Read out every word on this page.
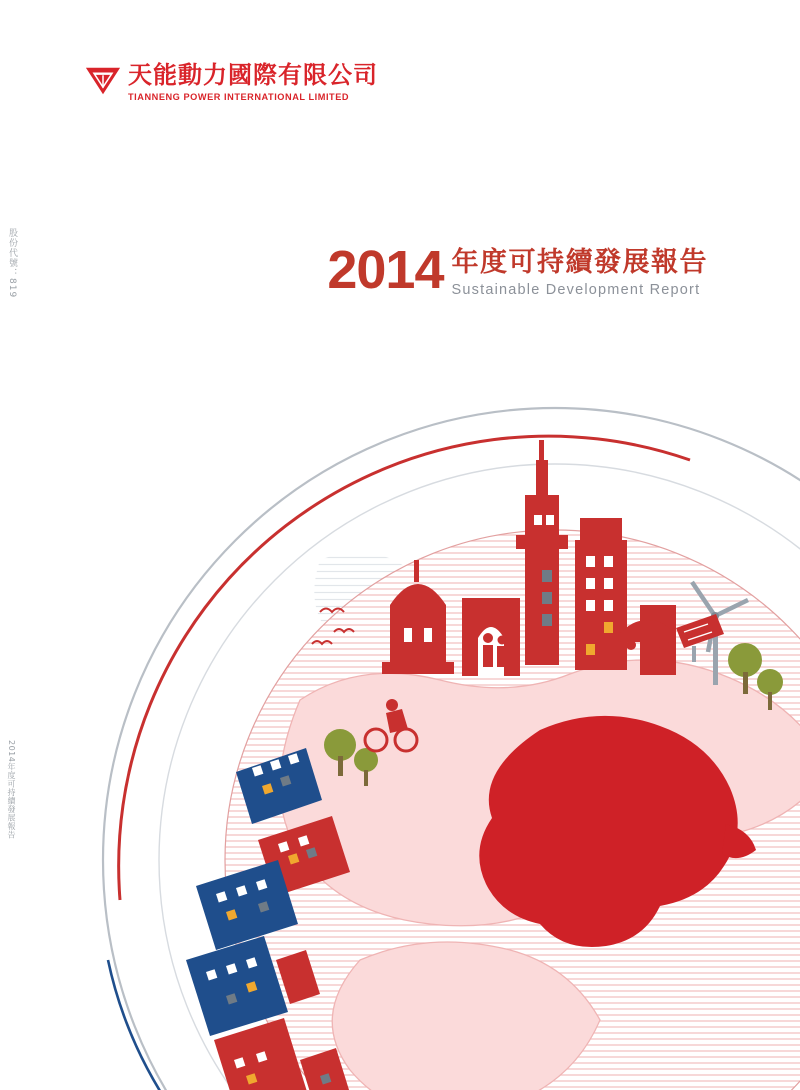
天能動力國際有限公司
TIANNENG POWER INTERNATIONAL LIMITED
2014 年度可持續發展報告
Sustainable Development Report
股份代號：819
2014年度可持續發展報告
